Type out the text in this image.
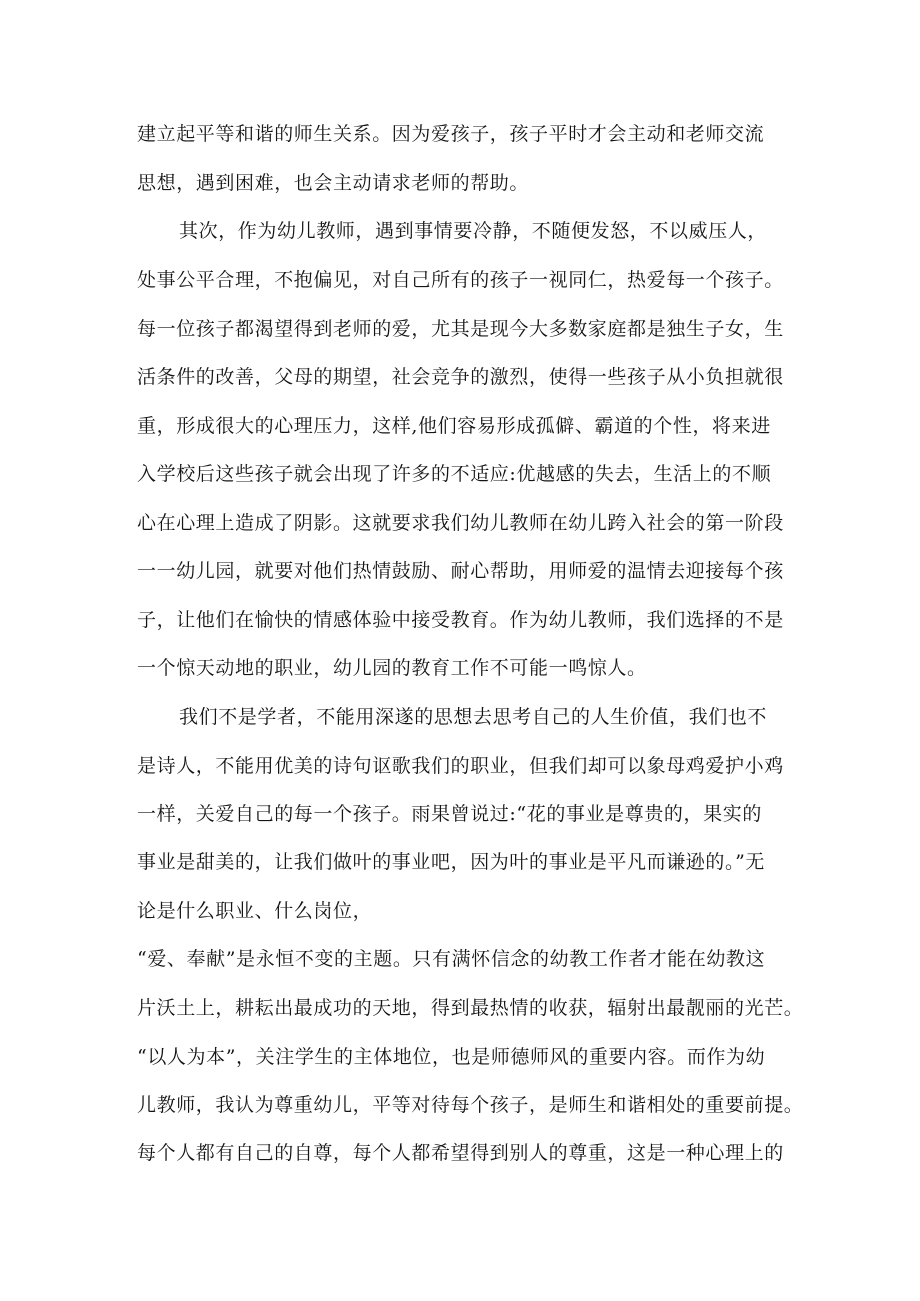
建立起平等和谐的师生关系。因为爱孩子，孩子平时才会主动和老师交流
思想，遇到困难，也会主动请求老师的帮助。
其次，作为幼儿教师，遇到事情要冷静，不随便发怒，不以威压人，
处事公平合理，不抱偏见，对自己所有的孩子一视同仁，热爱每一个孩子。
每一位孩子都渴望得到老师的爱，尤其是现今大多数家庭都是独生子女，生
活条件的改善，父母的期望，社会竞争的激烈，使得一些孩子从小负担就很
重，形成很大的心理压力，这样,他们容易形成孤僻、霸道的个性，将来进
入学校后这些孩子就会出现了许多的不适应:优越感的失去，生活上的不顺
心在心理上造成了阴影。这就要求我们幼儿教师在幼儿跨入社会的第一阶段
一一幼儿园，就要对他们热情鼓励、耐心帮助，用师爱的温情去迎接每个孩
子，让他们在愉快的情感体验中接受教育。作为幼儿教师，我们选择的不是
一个惊天动地的职业，幼儿园的教育工作不可能一鸣惊人。
我们不是学者，不能用深遂的思想去思考自己的人生价值，我们也不
是诗人，不能用优美的诗句讴歌我们的职业，但我们却可以象母鸡爱护小鸡
一样，关爱自己的每一个孩子。雨果曾说过:“花的事业是尊贵的，果实的
事业是甜美的，让我们做叶的事业吧，因为叶的事业是平凡而谦逊的。”无
论是什么职业、什么岗位，
“爱、奉献”是永恒不变的主题。只有满怀信念的幼教工作者才能在幼教这
片沃土上，耕耘出最成功的天地，得到最热情的收获，辐射出最靓丽的光芒。
“以人为本”，关注学生的主体地位，也是师德师风的重要内容。而作为幼
儿教师，我认为尊重幼儿，平等对待每个孩子，是师生和谐相处的重要前提。
每个人都有自己的自尊，每个人都希望得到别人的尊重，这是一种心理上的
